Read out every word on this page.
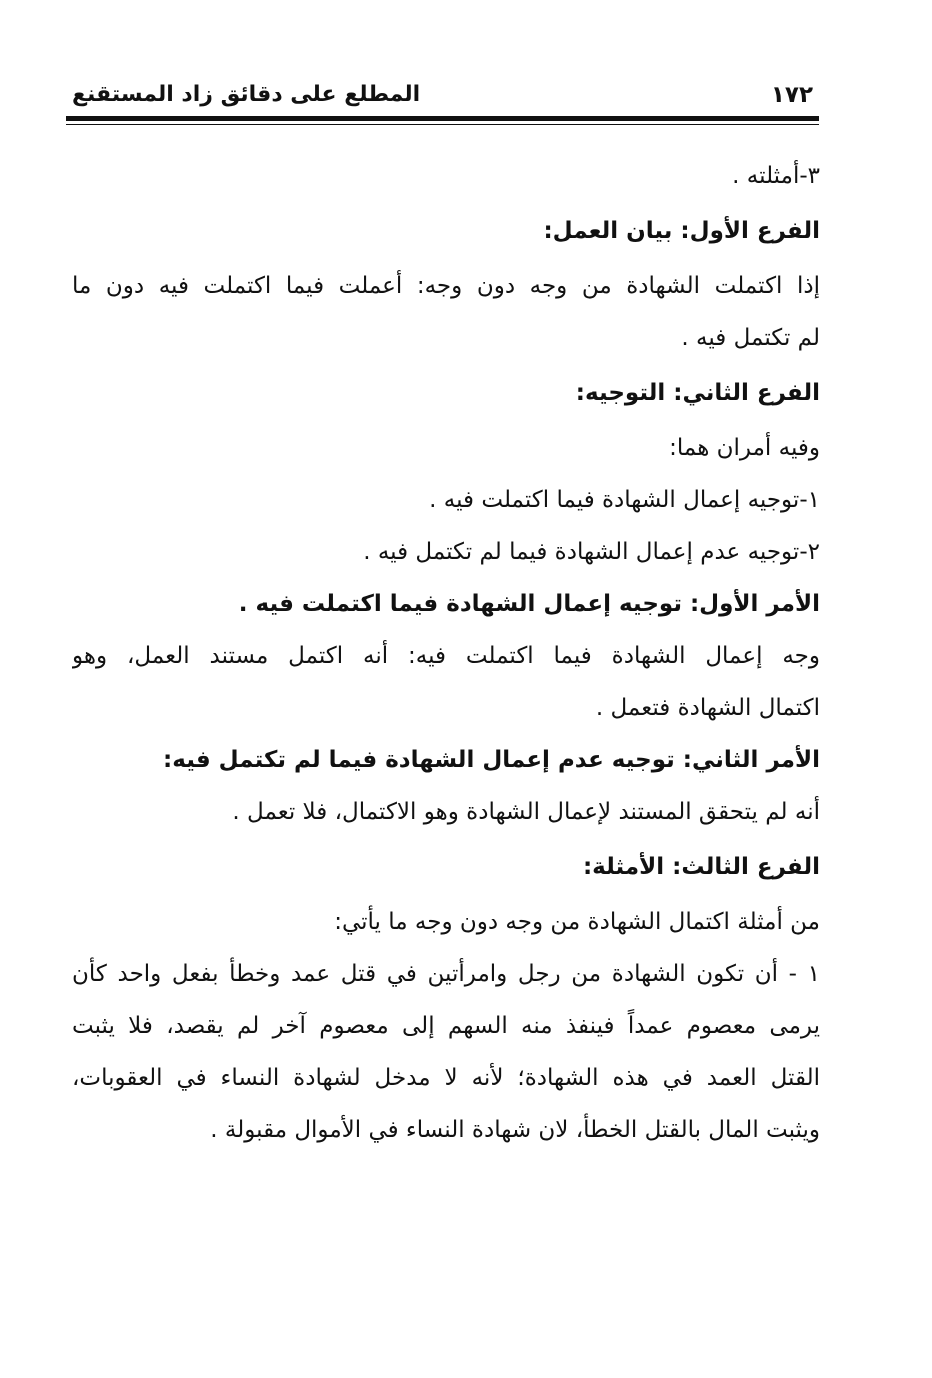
١٧٢
المطلع على دقائق زاد المستقنع

٣-أمثلته .

الفرع الأول: بيان العمل:

إذا اكتملت الشهادة من وجه دون وجه: أعملت فيما اكتملت فيه دون ما

لم تكتمل فيه .

الفرع الثاني: التوجيه:

وفيه أمران هما:

١-توجيه إعمال الشهادة فيما اكتملت فيه .

٢-توجيه عدم إعمال الشهادة فيما لم تكتمل فيه .

الأمر الأول: توجيه إعمال الشهادة فيما اكتملت فيه .

وجه إعمال الشهادة فيما اكتملت فيه: أنه اكتمل مستند العمل، وهو

اكتمال الشهادة فتعمل .

الأمر الثاني: توجيه عدم إعمال الشهادة فيما لم تكتمل فيه:

أنه لم يتحقق المستند لإعمال الشهادة وهو الاكتمال، فلا تعمل .

الفرع الثالث: الأمثلة:

من أمثلة اكتمال الشهادة من وجه دون وجه ما يأتي:

١ - أن تكون الشهادة من رجل وامرأتين في قتل عمد وخطأ بفعل واحد كأن

يرمى معصوم عمداً فينفذ منه السهم إلى معصوم آخر لم يقصد، فلا يثبت

القتل العمد في هذه الشهادة؛ لأنه لا مدخل لشهادة النساء في العقوبات،

ويثبت المال بالقتل الخطأ، لان شهادة النساء في الأموال مقبولة .
